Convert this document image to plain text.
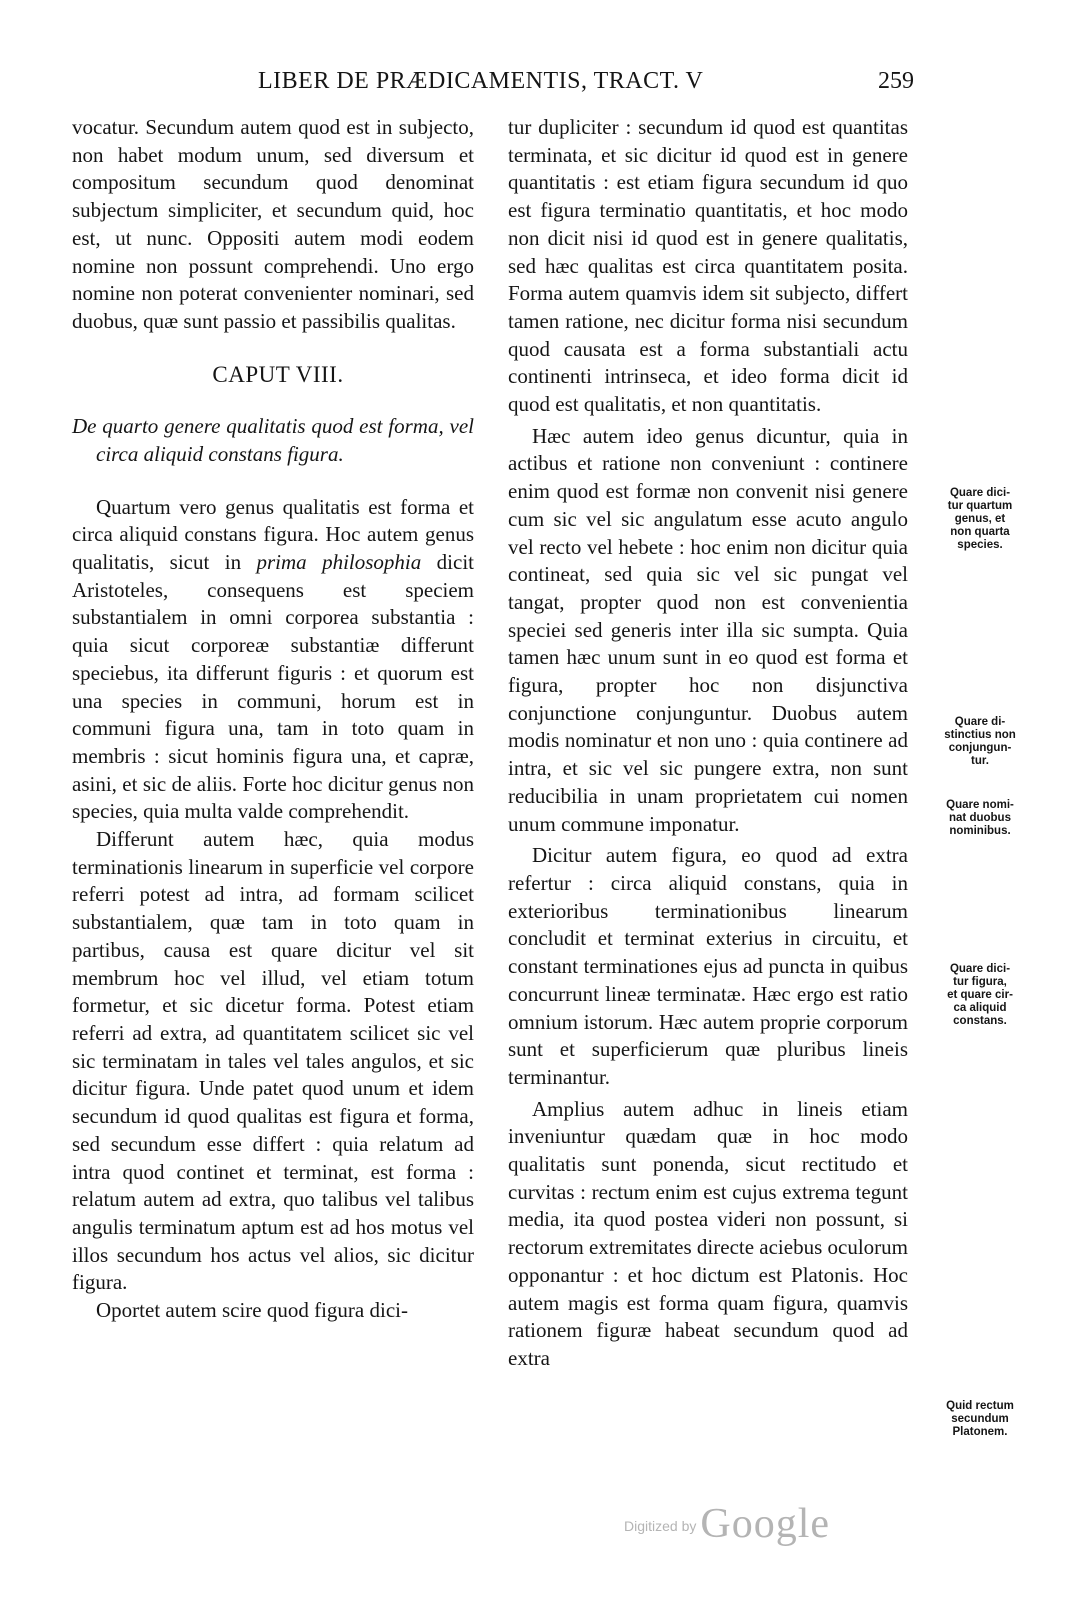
LIBER DE PRÆDICAMENTIS, TRACT. V	259

vocatur. Secundum autem quod est in subjecto, non habet modum unum, sed diversum et compositum secundum quod denominat subjectum simpliciter, et secundum quid, hoc est, ut nunc. Oppositi autem modi eodem nomine non possunt comprehendi. Uno ergo nomine non poterat convenienter nominari, sed duobus, quæ sunt passio et passibilis qualitas.

CAPUT VIII.
De quarto genere qualitatis quod est forma, vel circa aliquid constans figura.

Quartum vero genus qualitatis est forma et circa aliquid constans figura. Hoc autem genus qualitatis, sicut in prima philosophia dicit Aristoteles, consequens est speciem substantialem in omni corporea substantia : quia sicut corporeæ substantiæ differunt speciebus, ita differunt figuris : et quorum est una species in communi, horum est in communi figura una, tam in toto quam in membris : sicut hominis figura una, et capræ, asini, et sic de aliis. Forte hoc dicitur genus non species, quia multa valde comprehendit.

Differunt autem hæc, quia modus terminationis linearum in superficie vel corpore referri potest ad intra, ad formam scilicet substantialem, quæ tam in toto quam in partibus, causa est quare dicitur vel sit membrum hoc vel illud, vel etiam totum formetur, et sic dicetur forma. Potest etiam referri ad extra, ad quantitatem scilicet sic vel sic terminatam in tales vel tales angulos, et sic dicitur figura. Unde patet quod unum et idem secundum id quod qualitas est figura et forma, sed secundum esse differt : quia relatum ad intra quod continet et terminat, est forma : relatum autem ad extra, quo talibus vel talibus angulis terminatum aptum est ad hos motus vel illos secundum hos actus vel alios, sic dicitur figura.

Oportet autem scire quod figura dici-

tur dupliciter : secundum id quod est quantitas terminata, et sic dicitur id quod est in genere quantitatis : est etiam figura secundum id quo est figura terminatio quantitatis, et hoc modo non dicit nisi id quod est in genere qualitatis, sed hæc qualitas est circa quantitatem posita. Forma autem quamvis idem sit subjecto, differt tamen ratione, nec dicitur forma nisi secundum quod causata est a forma substantiali actu continenti intrinseca, et ideo forma dicit id quod est qualitatis, et non quantitatis.

Hæc autem ideo genus dicuntur, quia in actibus et ratione non conveniunt : continere enim quod est formæ non convenit nisi genere cum sic vel sic angulatum esse acuto angulo vel recto vel hebete : hoc enim non dicitur quia contineat, sed quia sic vel sic pungat vel tangat, propter quod non est convenientia speciei sed generis inter illa sic sumpta. Quia tamen hæc unum sunt in eo quod est forma et figura, propter hoc non disjunctiva conjunctione conjunguntur. Duobus autem modis nominatur et non uno : quia continere ad intra, et sic vel sic pungere extra, non sunt reducibilia in unam proprietatem cui nomen unum commune imponatur.

Dicitur autem figura, eo quod ad extra refertur : circa aliquid constans, quia in exterioribus terminationibus linearum concludit et terminat exterius in circuitu, et constant terminationes ejus ad puncta in quibus concurrunt lineæ terminatæ. Hæc ergo est ratio omnium istorum. Hæc autem proprie corporum sunt et superficierum quæ pluribus lineis terminantur.

Amplius autem adhuc in lineis etiam inveniuntur quædam quæ in hoc modo qualitatis sunt ponenda, sicut rectitudo et curvitas : rectum enim est cujus extrema tegunt media, ita quod postea videri non possunt, si rectorum extremitates directe aciebus oculorum opponantur : et hoc dictum est Platonis. Hoc autem magis est forma quam figura, quamvis rationem figuræ habeat secundum quod ad extra

Quare dici-
tur quartum
genus, et
non quarta
species.
Quare di-
stinctius non
conjungun-
tur.
Quare nomi-
nat duobus
nominibus.
Quare dici-
tur figura,
et quare cir-
ca aliquid
constans.
Quid rectum
secundum
Platonem.
Digitized by Google
